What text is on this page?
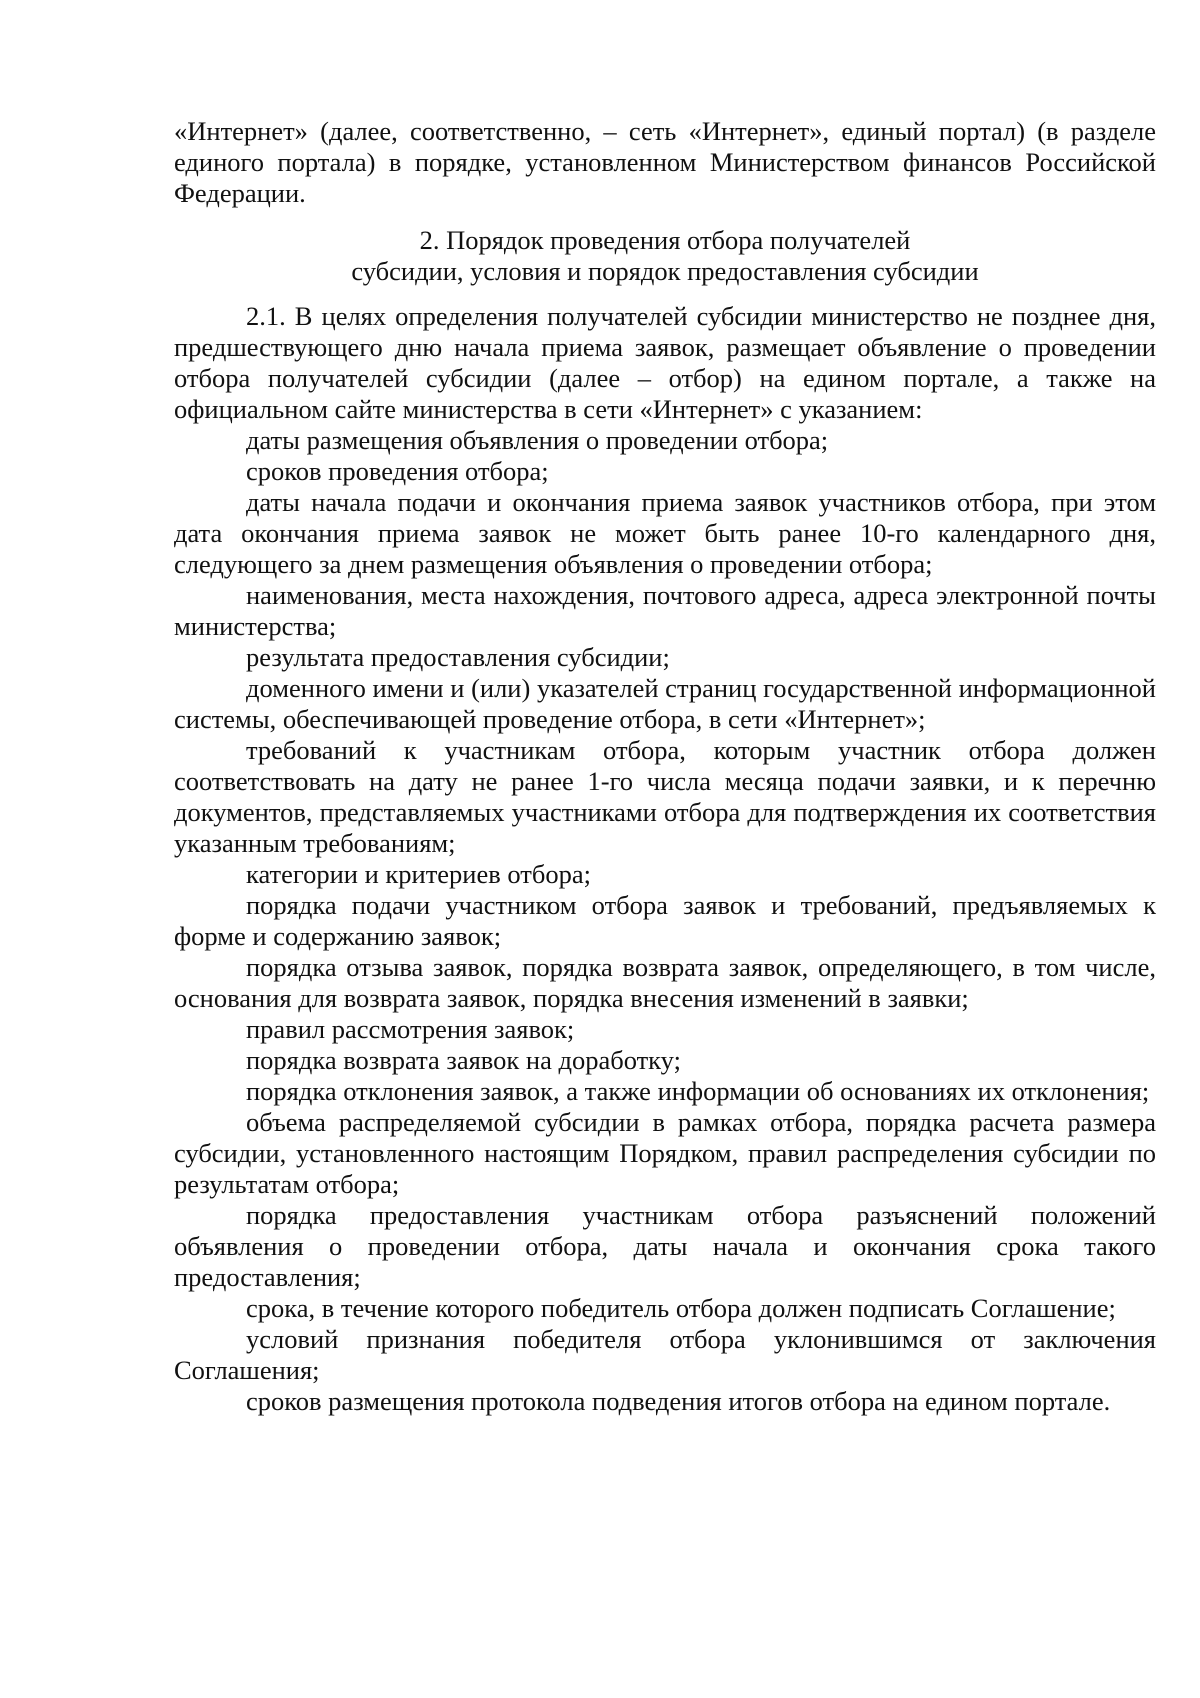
«Интернет» (далее, соответственно, – сеть «Интернет», единый портал) (в разделе единого портала) в порядке, установленном Министерством финансов Российской Федерации.

2. Порядок проведения отбора получателей
субсидии, условия и порядок предоставления субсидии

2.1. В целях определения получателей субсидии министерство не позднее дня, предшествующего дню начала приема заявок, размещает объявление о проведении отбора получателей субсидии (далее – отбор) на едином портале, а также на официальном сайте министерства в сети «Интернет» с указанием:

даты размещения объявления о проведении отбора;

сроков проведения отбора;

даты начала подачи и окончания приема заявок участников отбора, при этом дата окончания приема заявок не может быть ранее 10-го календарного дня, следующего за днем размещения объявления о проведении отбора;

наименования, места нахождения, почтового адреса, адреса электронной почты министерства;

результата предоставления субсидии;

доменного имени и (или) указателей страниц государственной информационной системы, обеспечивающей проведение отбора, в сети «Интернет»;

требований к участникам отбора, которым участник отбора должен соответствовать на дату не ранее 1-го числа месяца подачи заявки, и к перечню документов, представляемых участниками отбора для подтверждения их соответствия указанным требованиям;

категории и критериев отбора;

порядка подачи участником отбора заявок и требований, предъявляемых к форме и содержанию заявок;

порядка отзыва заявок, порядка возврата заявок, определяющего, в том числе, основания для возврата заявок, порядка внесения изменений в заявки;

правил рассмотрения заявок;

порядка возврата заявок на доработку;

порядка отклонения заявок, а также информации об основаниях их отклонения;

объема распределяемой субсидии в рамках отбора, порядка расчета размера субсидии, установленного настоящим Порядком, правил распределения субсидии по результатам отбора;

порядка предоставления участникам отбора разъяснений положений объявления о проведении отбора, даты начала и окончания срока такого предоставления;

срока, в течение которого победитель отбора должен подписать Соглашение;

условий признания победителя отбора уклонившимся от заключения Соглашения;

сроков размещения протокола подведения итогов отбора на едином портале.
